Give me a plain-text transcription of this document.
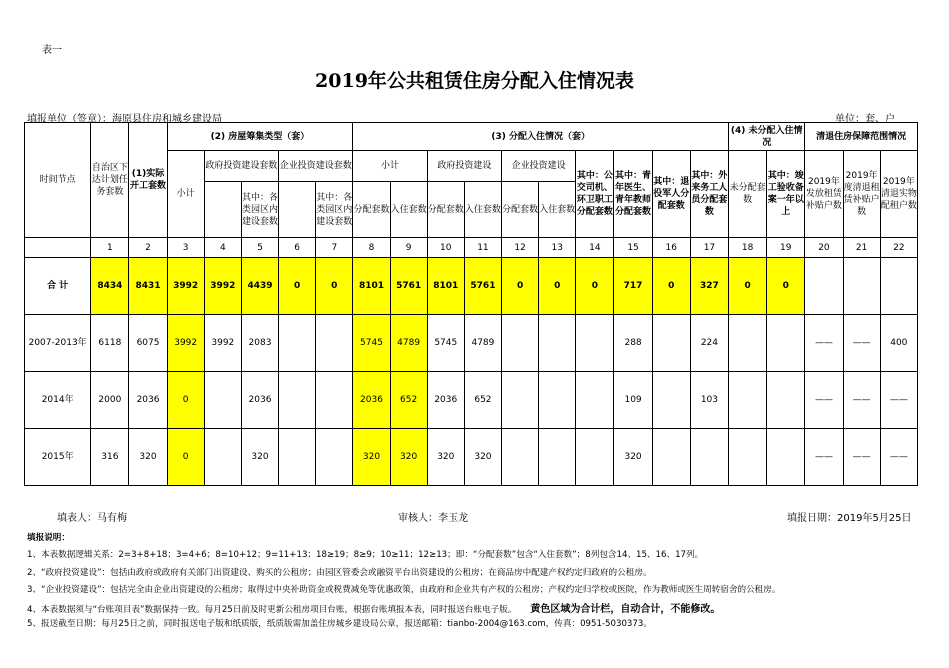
表一
2019年公共租赁住房分配入住情况表
填报单位（签章）：海原县住房和城乡建设局	单位：套、户
时间节点	自治区下达计划任务套数	(1)实际开工套数	(2) 房屋筹集类型（套）					(3) 分配入住情况（套）										(4) 未分配入住情况		清退住房保障范围情况		
			小计	政府投资建设套数		企业投资建设套数		小计		政府投资建设		企业投资建设		其中：公交司机、环卫职工分配套数	其中：青年医生、青年教师分配套数	其中：退役军人分配套数	其中：外来务工人员分配套数	未分配套数	其中：竣工验收备案一年以上	2019年发放租赁补贴户数	2019年度清退租赁补贴户数	2019年清退实物配租户数
					其中：各类园区内建设套数		其中：各类园区内建设套数	分配套数	入住套数	分配套数	入住套数	分配套数	入住套数									
	1	2	3	4	5	6	7	8	9	10	11	12	13	14	15	16	17	18	19	20	21	22
合 计	8434	8431	3992	3992	4439	0	0	8101	5761	8101	5761	0	0	0	717	0	327	0	0			
2007-2013年	6118	6075	3992	3992	2083			5745	4789	5745	4789				288		224			——	——	400
2014年	2000	2036	0		2036			2036	652	2036	652				109		103			——	——	——
2015年	316	320	0		320			320	320	320	320				320					——	——	——
填表人：马有梅	审核人：李玉龙	填报日期：2019年5月25日
填报说明：
1、本表数据逻辑关系：2=3+8+18；3=4+6；8=10+12；9=11+13；18≥19；8≥9；10≥11；12≥13；即：“分配套数”包含“入住套数”；8列包含14、15、16、17列。
2、“政府投资建设”：包括由政府或政府有关部门出资建设、购买的公租房；由园区管委会或融资平台出资建设的公租房；在商品房中配建产权约定归政府的公租房。
3、“企业投资建设”：包括完全由企业出资建设的公租房；取得过中央补助资金或税费减免等优惠政策，由政府和企业共有产权的公租房；产权约定归学校或医院，作为教师或医生周转宿舍的公租房。
4、本表数据须与“台账项目表”数据保持一致。每月25日前及时更新公租房项目台账，根据台账填报本表，同时报送台账电子版。 黄色区域为合计栏，自动合计，不能修改。
5、报送截至日期：每月25日之前，同时报送电子版和纸质版，纸质版需加盖住房城乡建设局公章，报送邮箱：tianbo-2004@163.com，传真：0951-5030373。
